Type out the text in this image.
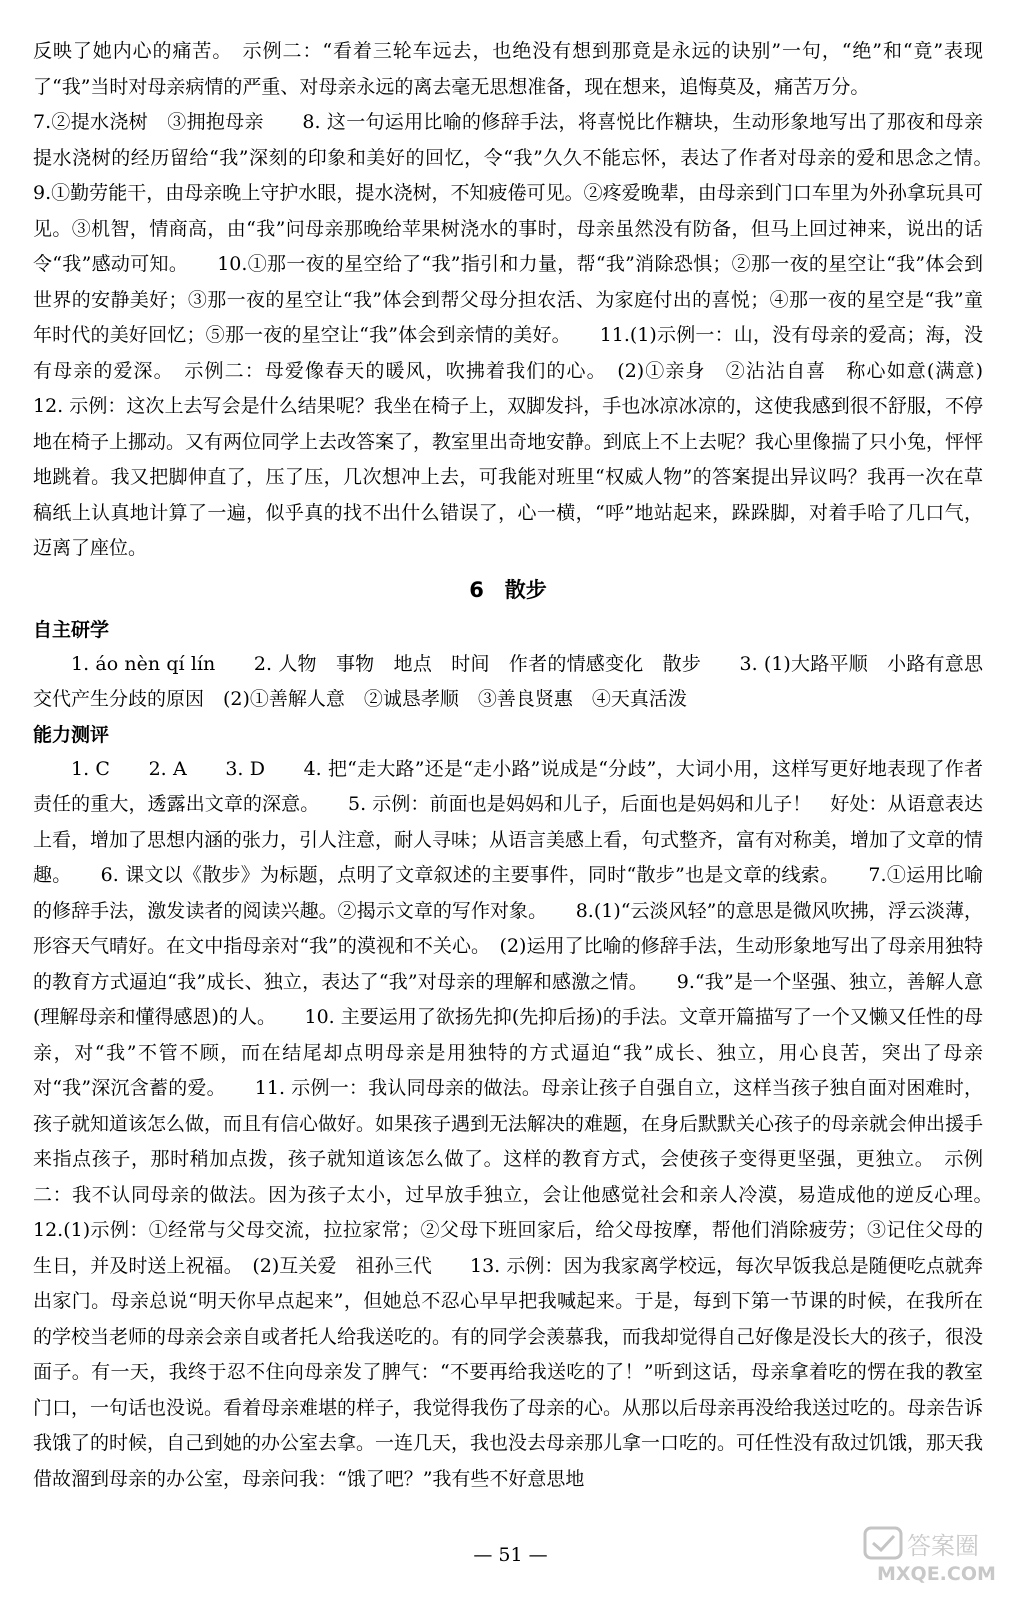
反映了她内心的痛苦。　示例二：“看着三轮车远去，也绝没有想到那竟是永远的诀别”一句，“绝”和“竟”表现了“我”当时对母亲病情的严重、对母亲永远的离去毫无思想准备，现在想来，追悔莫及，痛苦万分。

7.②提水浇树　③拥抱母亲　　8. 这一句运用比喻的修辞手法，将喜悦比作糖块，生动形象地写出了那夜和母亲提水浇树的经历留给“我”深刻的印象和美好的回忆，令“我”久久不能忘怀，表达了作者对母亲的爱和思念之情。　　9.①勤劳能干，由母亲晚上守护水眼，提水浇树，不知疲倦可见。②疼爱晚辈，由母亲到门口车里为外孙拿玩具可见。③机智，情商高，由“我”问母亲那晚给苹果树浇水的事时，母亲虽然没有防备，但马上回过神来，说出的话令“我”感动可知。　　10.①那一夜的星空给了“我”指引和力量，帮“我”消除恐惧；②那一夜的星空让“我”体会到世界的安静美好；③那一夜的星空让“我”体会到帮父母分担农活、为家庭付出的喜悦；④那一夜的星空是“我”童年时代的美好回忆；⑤那一夜的星空让“我”体会到亲情的美好。　　11.(1)示例一：山，没有母亲的爱高；海，没有母亲的爱深。　示例二：母爱像春天的暖风，吹拂着我们的心。　(2)①亲身　②沾沾自喜　称心如意(满意)　　12. 示例：这次上去写会是什么结果呢？我坐在椅子上，双脚发抖，手也冰凉冰凉的，这使我感到很不舒服，不停地在椅子上挪动。又有两位同学上去改答案了，教室里出奇地安静。到底上不上去呢？我心里像揣了只小兔，怦怦地跳着。我又把脚伸直了，压了压，几次想冲上去，可我能对班里“权威人物”的答案提出异议吗？我再一次在草稿纸上认真地计算了一遍，似乎真的找不出什么错误了，心一横，“呼”地站起来，跺跺脚，对着手哈了几口气，迈离了座位。

6　散步

自主研学

1. áo nèn qí lín　　2. 人物　事物　地点　时间　作者的情感变化　散步　　3. (1)大路平顺　小路有意思　交代产生分歧的原因　(2)①善解人意　②诚恳孝顺　③善良贤惠　④天真活泼

能力测评

1. C　　2. A　　3. D　　4. 把“走大路”还是“走小路”说成是“分歧”，大词小用，这样写更好地表现了作者责任的重大，透露出文章的深意。　　5. 示例：前面也是妈妈和儿子，后面也是妈妈和儿子！　好处：从语意表达上看，增加了思想内涵的张力，引人注意，耐人寻味；从语言美感上看，句式整齐，富有对称美，增加了文章的情趣。　　6. 课文以《散步》为标题，点明了文章叙述的主要事件，同时“散步”也是文章的线索。　　7.①运用比喻的修辞手法，激发读者的阅读兴趣。②揭示文章的写作对象。　　8.(1)“云淡风轻”的意思是微风吹拂，浮云淡薄，形容天气晴好。在文中指母亲对“我”的漠视和不关心。　(2)运用了比喻的修辞手法，生动形象地写出了母亲用独特的教育方式逼迫“我”成长、独立，表达了“我”对母亲的理解和感激之情。　　9.“我”是一个坚强、独立，善解人意(理解母亲和懂得感恩)的人。　　10. 主要运用了欲扬先抑(先抑后扬)的手法。文章开篇描写了一个又懒又任性的母亲，对“我”不管不顾，而在结尾却点明母亲是用独特的方式逼迫“我”成长、独立，用心良苦，突出了母亲对“我”深沉含蓄的爱。　　11. 示例一：我认同母亲的做法。母亲让孩子自强自立，这样当孩子独自面对困难时，孩子就知道该怎么做，而且有信心做好。如果孩子遇到无法解决的难题，在身后默默关心孩子的母亲就会伸出援手来指点孩子，那时稍加点拨，孩子就知道该怎么做了。这样的教育方式，会使孩子变得更坚强，更独立。　示例二：我不认同母亲的做法。因为孩子太小，过早放手独立，会让他感觉社会和亲人冷漠，易造成他的逆反心理。　　12.(1)示例：①经常与父母交流，拉拉家常；②父母下班回家后，给父母按摩，帮他们消除疲劳；③记住父母的生日，并及时送上祝福。　(2)互关爱　祖孙三代　　13. 示例：因为我家离学校远，每次早饭我总是随便吃点就奔出家门。母亲总说“明天你早点起来”，但她总不忍心早早把我喊起来。于是，每到下第一节课的时候，在我所在的学校当老师的母亲会亲自或者托人给我送吃的。有的同学会羡慕我，而我却觉得自己好像是没长大的孩子，很没面子。有一天，我终于忍不住向母亲发了脾气：“不要再给我送吃的了！”听到这话，母亲拿着吃的愣在我的教室门口，一句话也没说。看着母亲难堪的样子，我觉得我伤了母亲的心。从那以后母亲再没给我送过吃的。母亲告诉我饿了的时候，自己到她的办公室去拿。一连几天，我也没去母亲那儿拿一口吃的。可任性没有敌过饥饿，那天我借故溜到母亲的办公室，母亲问我：“饿了吧？”我有些不好意思地

— 51 —	答案圈
MXQE.COM
